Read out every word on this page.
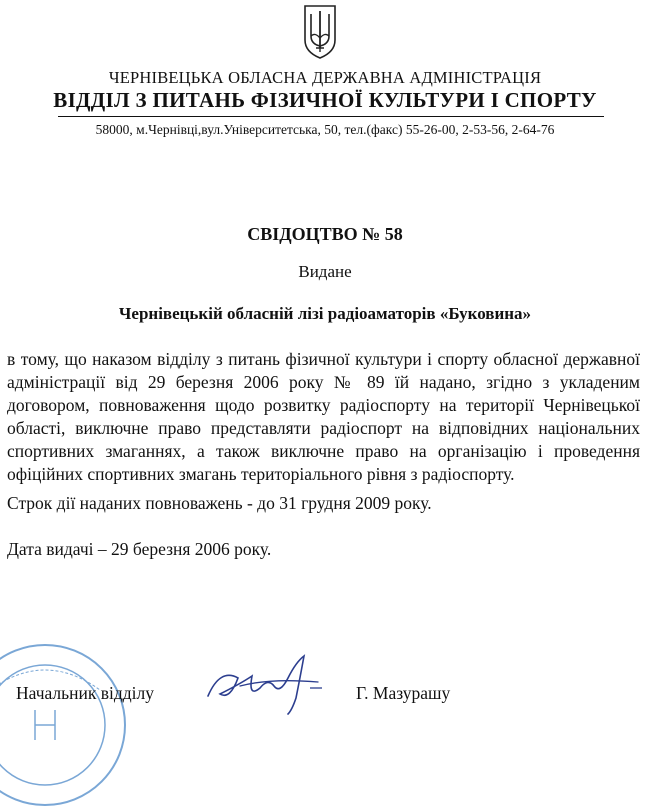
ЧЕРНІВЕЦЬКА ОБЛАСНА ДЕРЖАВНА АДМІНІСТРАЦІЯ
ВІДДІЛ З ПИТАНЬ ФІЗИЧНОЇ КУЛЬТУРИ І СПОРТУ
58000, м.Чернівці,вул.Університетська, 50, тел.(факс) 55-26-00, 2-53-56, 2-64-76
СВІДОЦТВО № 58
Видане
Чернівецькій обласній лізі радіоаматорів «Буковина»
в тому, що наказом відділу з питань фізичної культури і спорту обласної державної адміністрації від 29 березня 2006 року № 89 їй надано, згідно з укладеним договором, повноваження щодо розвитку радіоспорту на території Чернівецької області, виключне право представляти радіоспорт на відповідних національних спортивних змаганнях, а також виключне право на організацію і проведення офіційних спортивних змагань територіального рівня з радіоспорту.
Строк дії наданих повноважень - до 31 грудня 2009 року.
Дата видачі – 29 березня 2006 року.
Начальник відділу	Г. Мазурашу
